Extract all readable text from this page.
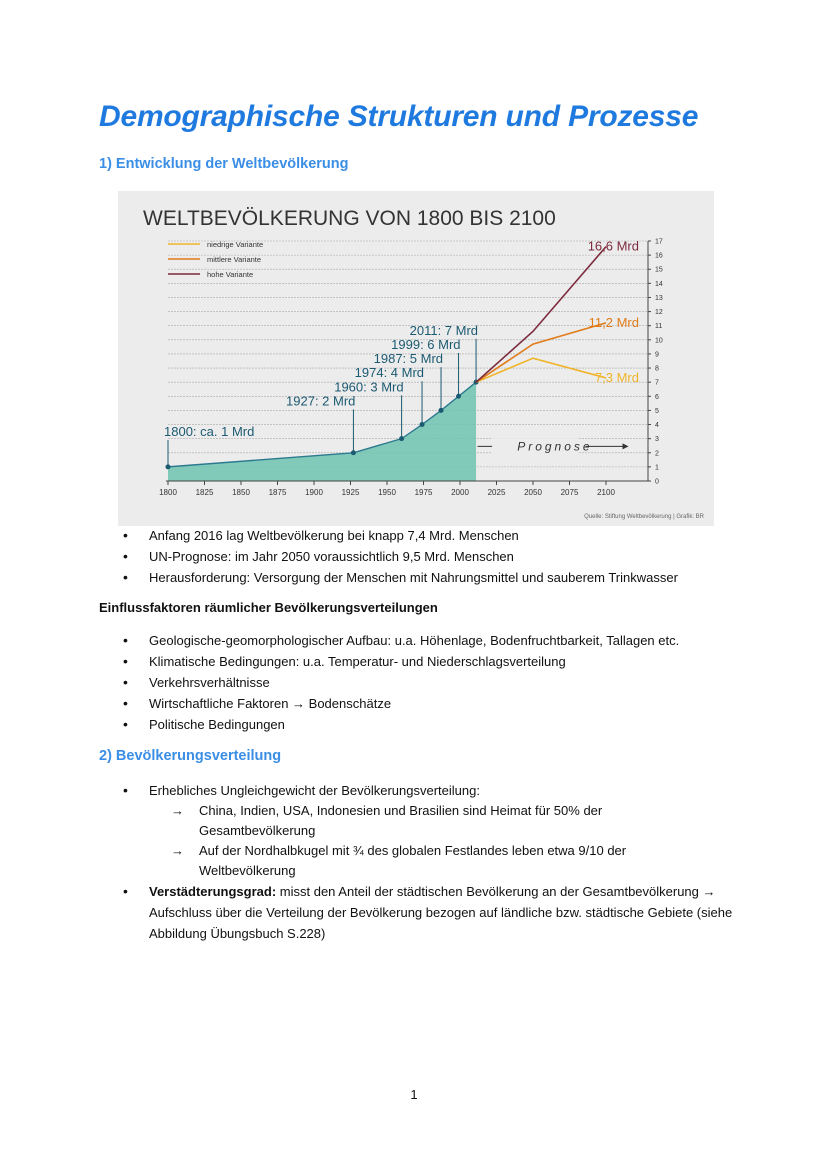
Demographische Strukturen und Prozesse
1) Entwicklung der Weltbevölkerung
WELTBEVÖLKERUNG VON 1800 BIS 2100
niedrige Variante
mittlere Variante
hohe Variante
1800: ca. 1 Mrd
1927: 2 Mrd
1960: 3 Mrd
1974: 4 Mrd
1987: 5 Mrd
1999: 6 Mrd
2011: 7 Mrd
7,3 Mrd
11,2 Mrd
16,6 Mrd
Prognose
0
1
2
3
4
5
6
7
8
9
10
11
12
13
14
15
16
17
1800 1825 1850 1875 1900 1925 1950 1975 2000 2025 2050 2075 2100
Quelle: Stiftung Weltbevölkerung | Grafik: BR
• Anfang 2016 lag Weltbevölkerung bei knapp 7,4 Mrd. Menschen
• UN-Prognose: im Jahr 2050 voraussichtlich 9,5 Mrd. Menschen
• Herausforderung: Versorgung der Menschen mit Nahrungsmittel und sauberem Trinkwasser
Einflussfaktoren räumlicher Bevölkerungsverteilungen
• Geologische-geomorphologischer Aufbau: u.a. Höhenlage, Bodenfruchtbarkeit, Tallagen etc.
• Klimatische Bedingungen: u.a. Temperatur- und Niederschlagsverteilung
• Verkehrsverhältnisse
• Wirtschaftliche Faktoren → Bodenschätze
• Politische Bedingungen
2) Bevölkerungsverteilung
• Erhebliches Ungleichgewicht der Bevölkerungsverteilung:
→ China, Indien, USA, Indonesien und Brasilien sind Heimat für 50% der Gesamtbevölkerung
→ Auf der Nordhalbkugel mit ¾ des globalen Festlandes leben etwa 9/10 der Weltbevölkerung
• Verstädterungsgrad: misst den Anteil der städtischen Bevölkerung an der Gesamtbevölkerung → Aufschluss über die Verteilung der Bevölkerung bezogen auf ländliche bzw. städtische Gebiete (siehe Abbildung Übungsbuch S.228)
1
